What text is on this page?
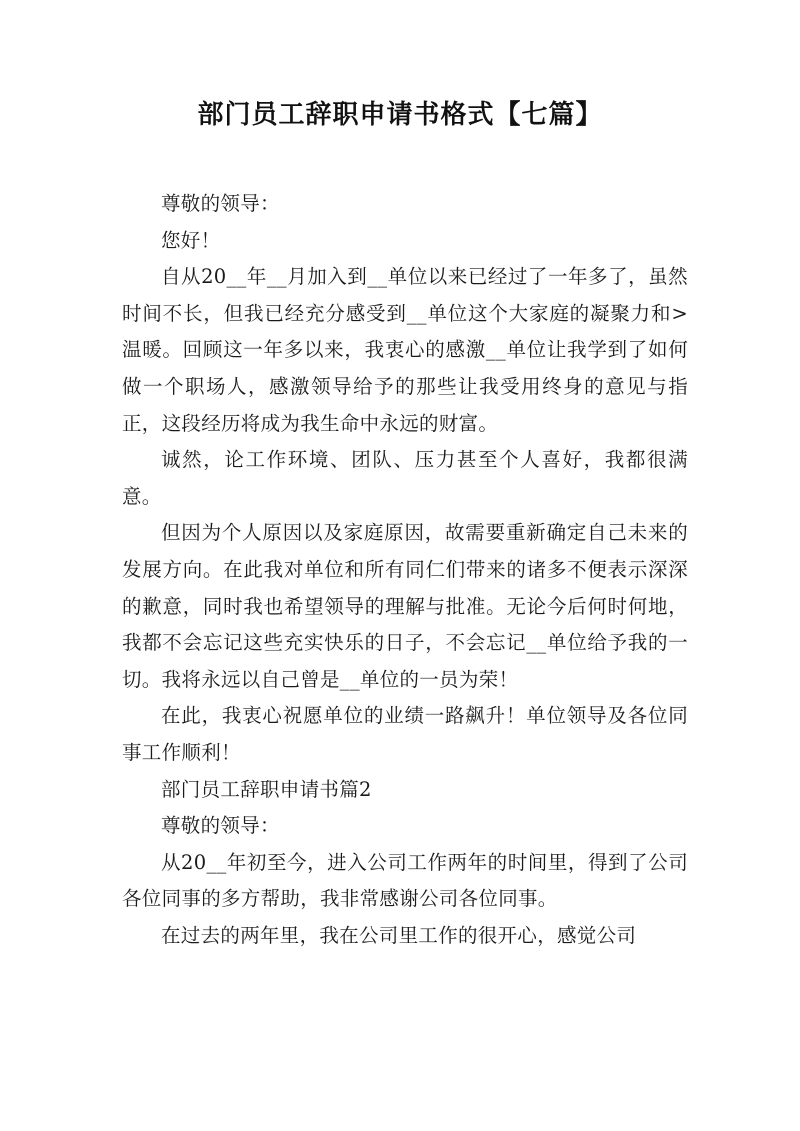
部门员工辞职申请书格式【七篇】

尊敬的领导：

您好！

自从20__年__月加入到__单位以来已经过了一年多了，虽然时间不长，但我已经充分感受到__单位这个大家庭的凝聚力和>温暖。回顾这一年多以来，我衷心的感激__单位让我学到了如何做一个职场人，感激领导给予的那些让我受用终身的意见与指正，这段经历将成为我生命中永远的财富。

诚然，论工作环境、团队、压力甚至个人喜好，我都很满意。

但因为个人原因以及家庭原因，故需要重新确定自己未来的发展方向。在此我对单位和所有同仁们带来的诸多不便表示深深的歉意，同时我也希望领导的理解与批准。无论今后何时何地，我都不会忘记这些充实快乐的日子，不会忘记__单位给予我的一切。我将永远以自己曾是__单位的一员为荣！

在此，我衷心祝愿单位的业绩一路飙升！单位领导及各位同事工作顺利！

部门员工辞职申请书篇2

尊敬的领导：

从20__年初至今，进入公司工作两年的时间里，得到了公司各位同事的多方帮助，我非常感谢公司各位同事。

在过去的两年里，我在公司里工作的很开心，感觉公司
